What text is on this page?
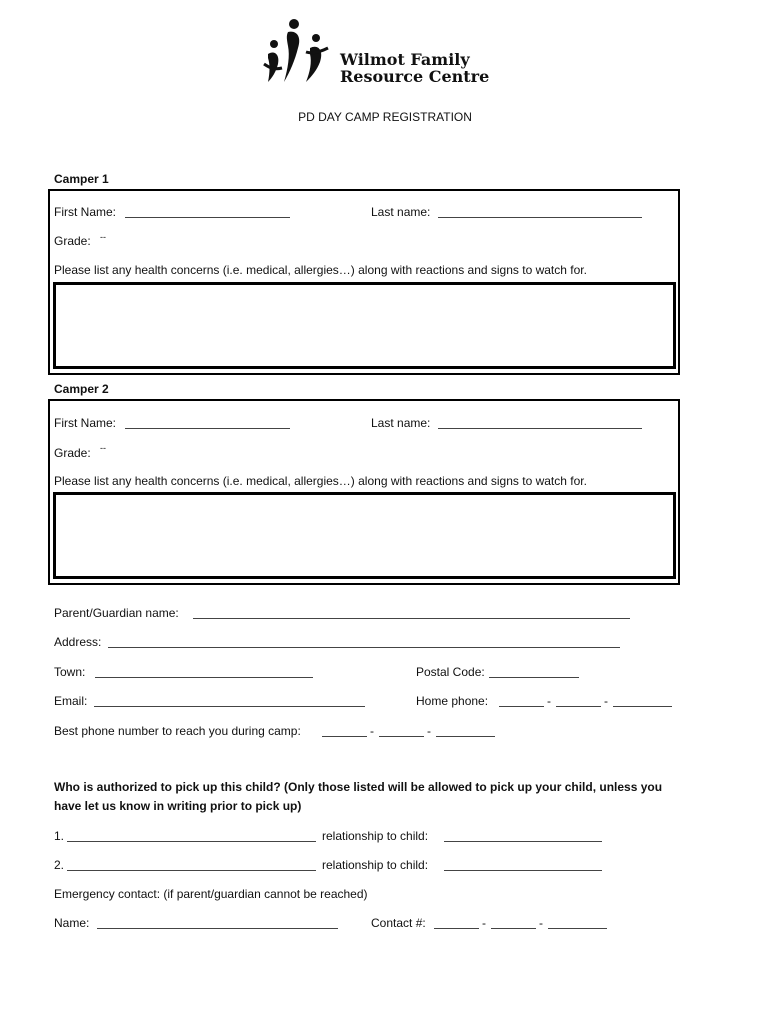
Wilmot Family
Resource Centre
PD DAY CAMP REGISTRATION
Camper 1
First Name:	Last name:
Grade: --
Please list any health concerns (i.e. medical, allergies…) along with reactions and signs to watch for.
Camper 2
First Name:	Last name:
Grade: --
Please list any health concerns (i.e. medical, allergies…) along with reactions and signs to watch for.
Parent/Guardian name:
Address:
Town:	Postal Code:
Email:	Home phone:	-	-
Best phone number to reach you during camp:	-	-
Who is authorized to pick up this child? (Only those listed will be allowed to pick up your child, unless you
have let us know in writing prior to pick up)
1.	relationship to child:
2.	relationship to child:
Emergency contact: (if parent/guardian cannot be reached)
Name:	Contact #:	-	-
